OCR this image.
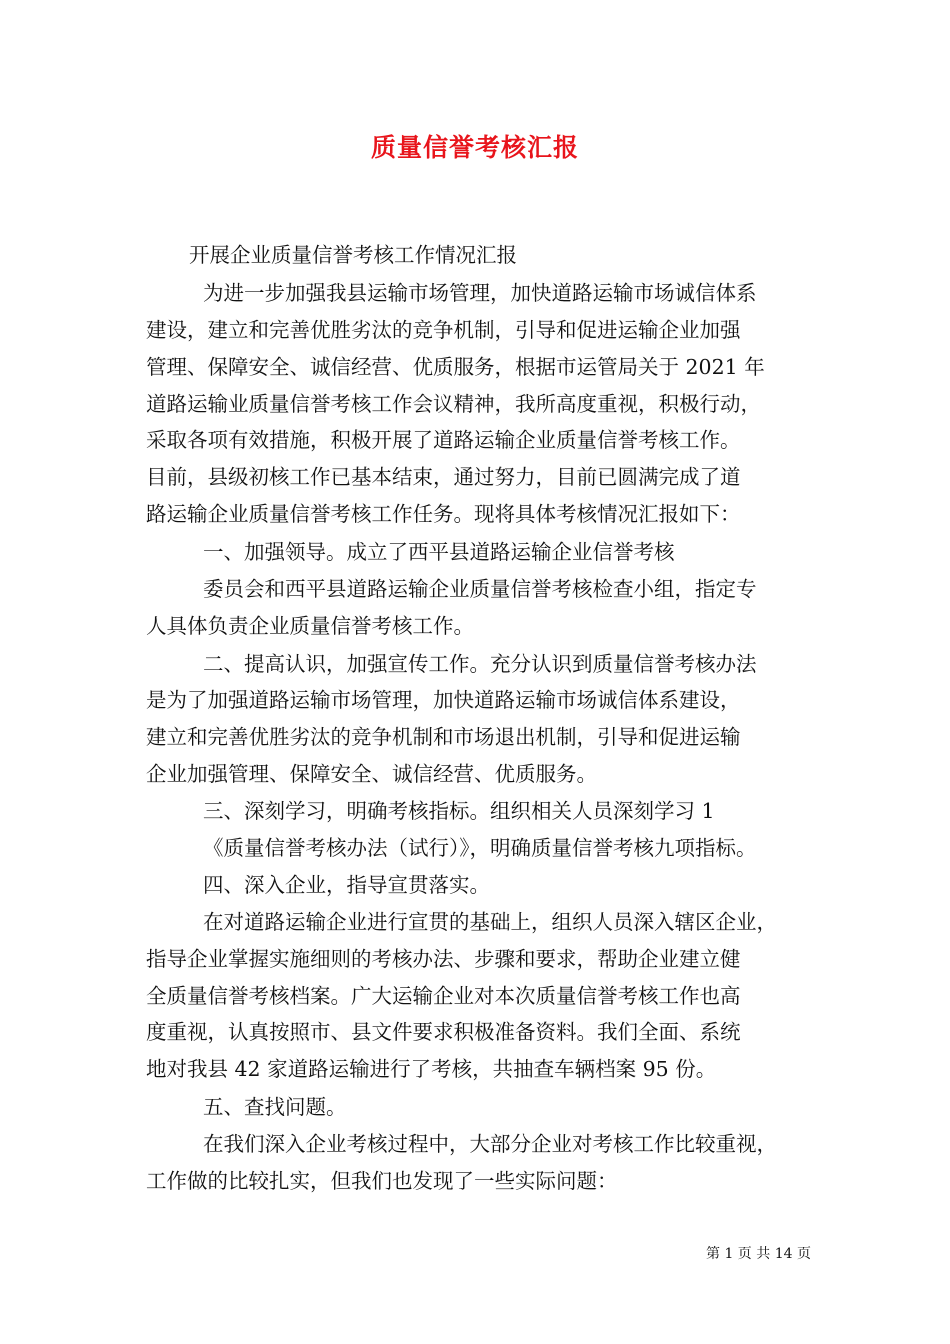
质量信誉考核汇报
开展企业质量信誉考核工作情况汇报
为进一步加强我县运输市场管理，加快道路运输市场诚信体系
建设，建立和完善优胜劣汰的竞争机制，引导和促进运输企业加强
管理、保障安全、诚信经营、优质服务，根据市运管局关于 2021 年
道路运输业质量信誉考核工作会议精神，我所高度重视，积极行动，
采取各项有效措施，积极开展了道路运输企业质量信誉考核工作。
目前，县级初核工作已基本结束，通过努力，目前已圆满完成了道
路运输企业质量信誉考核工作任务。现将具体考核情况汇报如下：
一、加强领导。成立了西平县道路运输企业信誉考核
委员会和西平县道路运输企业质量信誉考核检查小组，指定专
人具体负责企业质量信誉考核工作。
二、提高认识，加强宣传工作。充分认识到质量信誉考核办法
是为了加强道路运输市场管理，加快道路运输市场诚信体系建设，
建立和完善优胜劣汰的竞争机制和市场退出机制，引导和促进运输
企业加强管理、保障安全、诚信经营、优质服务。
三、深刻学习，明确考核指标。组织相关人员深刻学习 1
《质量信誉考核办法（试行）》，明确质量信誉考核九项指标。
四、深入企业，指导宣贯落实。
在对道路运输企业进行宣贯的基础上，组织人员深入辖区企业，
指导企业掌握实施细则的考核办法、步骤和要求，帮助企业建立健
全质量信誉考核档案。广大运输企业对本次质量信誉考核工作也高
度重视，认真按照市、县文件要求积极准备资料。我们全面、系统
地对我县 42 家道路运输进行了考核，共抽查车辆档案 95 份。
五、查找问题。
在我们深入企业考核过程中，大部分企业对考核工作比较重视，
工作做的比较扎实，但我们也发现了一些实际问题：
第 1 页 共 14 页
